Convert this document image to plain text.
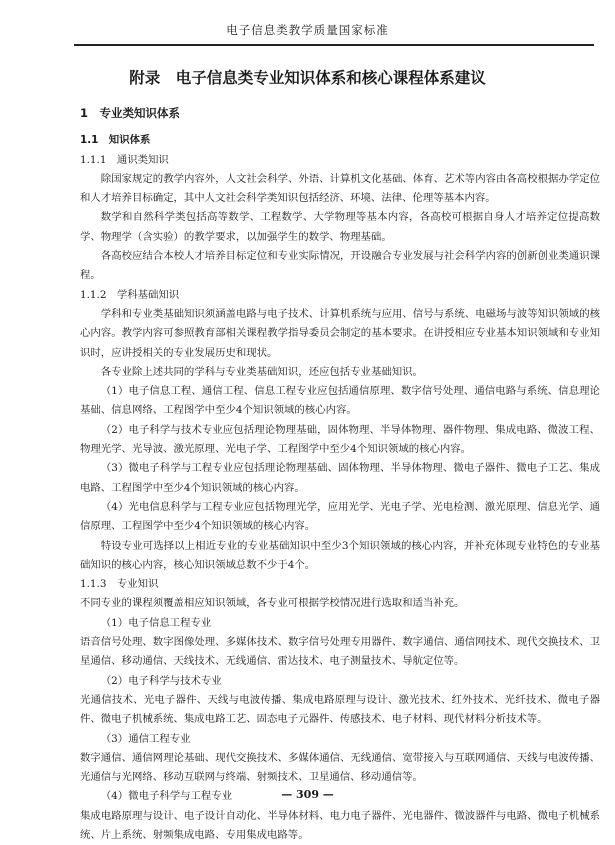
电子信息类教学质量国家标准
附录　电子信息类专业知识体系和核心课程体系建议

1　专业类知识体系

1.1　知识体系

1.1.1　通识类知识

除国家规定的教学内容外，人文社会科学、外语、计算机文化基础、体育、艺术等内容由各高校根据办学定位和人才培养目标确定，其中人文社会科学类知识包括经济、环境、法律、伦理等基本内容。

数学和自然科学类包括高等数学、工程数学、大学物理等基本内容，各高校可根据自身人才培养定位提高数学、物理学（含实验）的教学要求，以加强学生的数学、物理基础。

各高校应结合本校人才培养目标定位和专业实际情况，开设融合专业发展与社会科学内容的创新创业类通识课程。

1.1.2　学科基础知识

学科和专业类基础知识须涵盖电路与电子技术、计算机系统与应用、信号与系统、电磁场与波等知识领域的核心内容。教学内容可参照教育部相关课程教学指导委员会制定的基本要求。在讲授相应专业基本知识领域和专业知识时，应讲授相关的专业发展历史和现状。

各专业除上述共同的学科与专业类基础知识，还应包括专业基础知识。

（1）电子信息工程、通信工程、信息工程专业应包括通信原理、数字信号处理、通信电路与系统、信息理论基础、信息网络、工程图学中至少4个知识领域的核心内容。

（2）电子科学与技术专业应包括理论物理基础，固体物理、半导体物理、器件物理、集成电路、微波工程、物理光学、光导波、激光原理、光电子学、工程图学中至少4个知识领域的核心内容。

（3）微电子科学与工程专业应包括理论物理基础、固体物理、半导体物理、微电子器件、微电子工艺、集成电路、工程图学中至少4个知识领域的核心内容。

（4）光电信息科学与工程专业应包括物理光学，应用光学、光电子学、光电检测、激光原理、信息光学、通信原理、工程图学中至少4个知识领域的核心内容。

特设专业可选择以上相近专业的专业基础知识中至少3个知识领域的核心内容，并补充体现专业特色的专业基础知识的核心内容，核心知识领域总数不少于4个。

1.1.3　专业知识

不同专业的课程须覆盖相应知识领域，各专业可根据学校情况进行选取和适当补充。

（1）电子信息工程专业

语音信号处理、数字图像处理、多媒体技术、数字信号处理专用器件、数字通信、通信网技术、现代交换技术、卫星通信、移动通信、天线技术、无线通信、雷达技术、电子测量技术、导航定位等。

（2）电子科学与技术专业

光通信技术、光电子器件、天线与电波传播、集成电路原理与设计、激光技术、红外技术、光纤技术、微电子器件、微电子机械系统、集成电路工艺、固态电子元器件、传感技术、电子材料、现代材料分析技术等。

（3）通信工程专业

数字通信、通信网理论基础、现代交换技术、多媒体通信、无线通信、宽带接入与互联网通信、天线与电波传播、光通信与光网络、移动互联网与终端、射频技术、卫星通信、移动通信等。

（4）微电子科学与工程专业

集成电路原理与设计、电子设计自动化、半导体材料、电力电子器件、光电器件、微波器件与电路、微电子机械系统、片上系统、射频集成电路、专用集成电路等。

— 309 —
